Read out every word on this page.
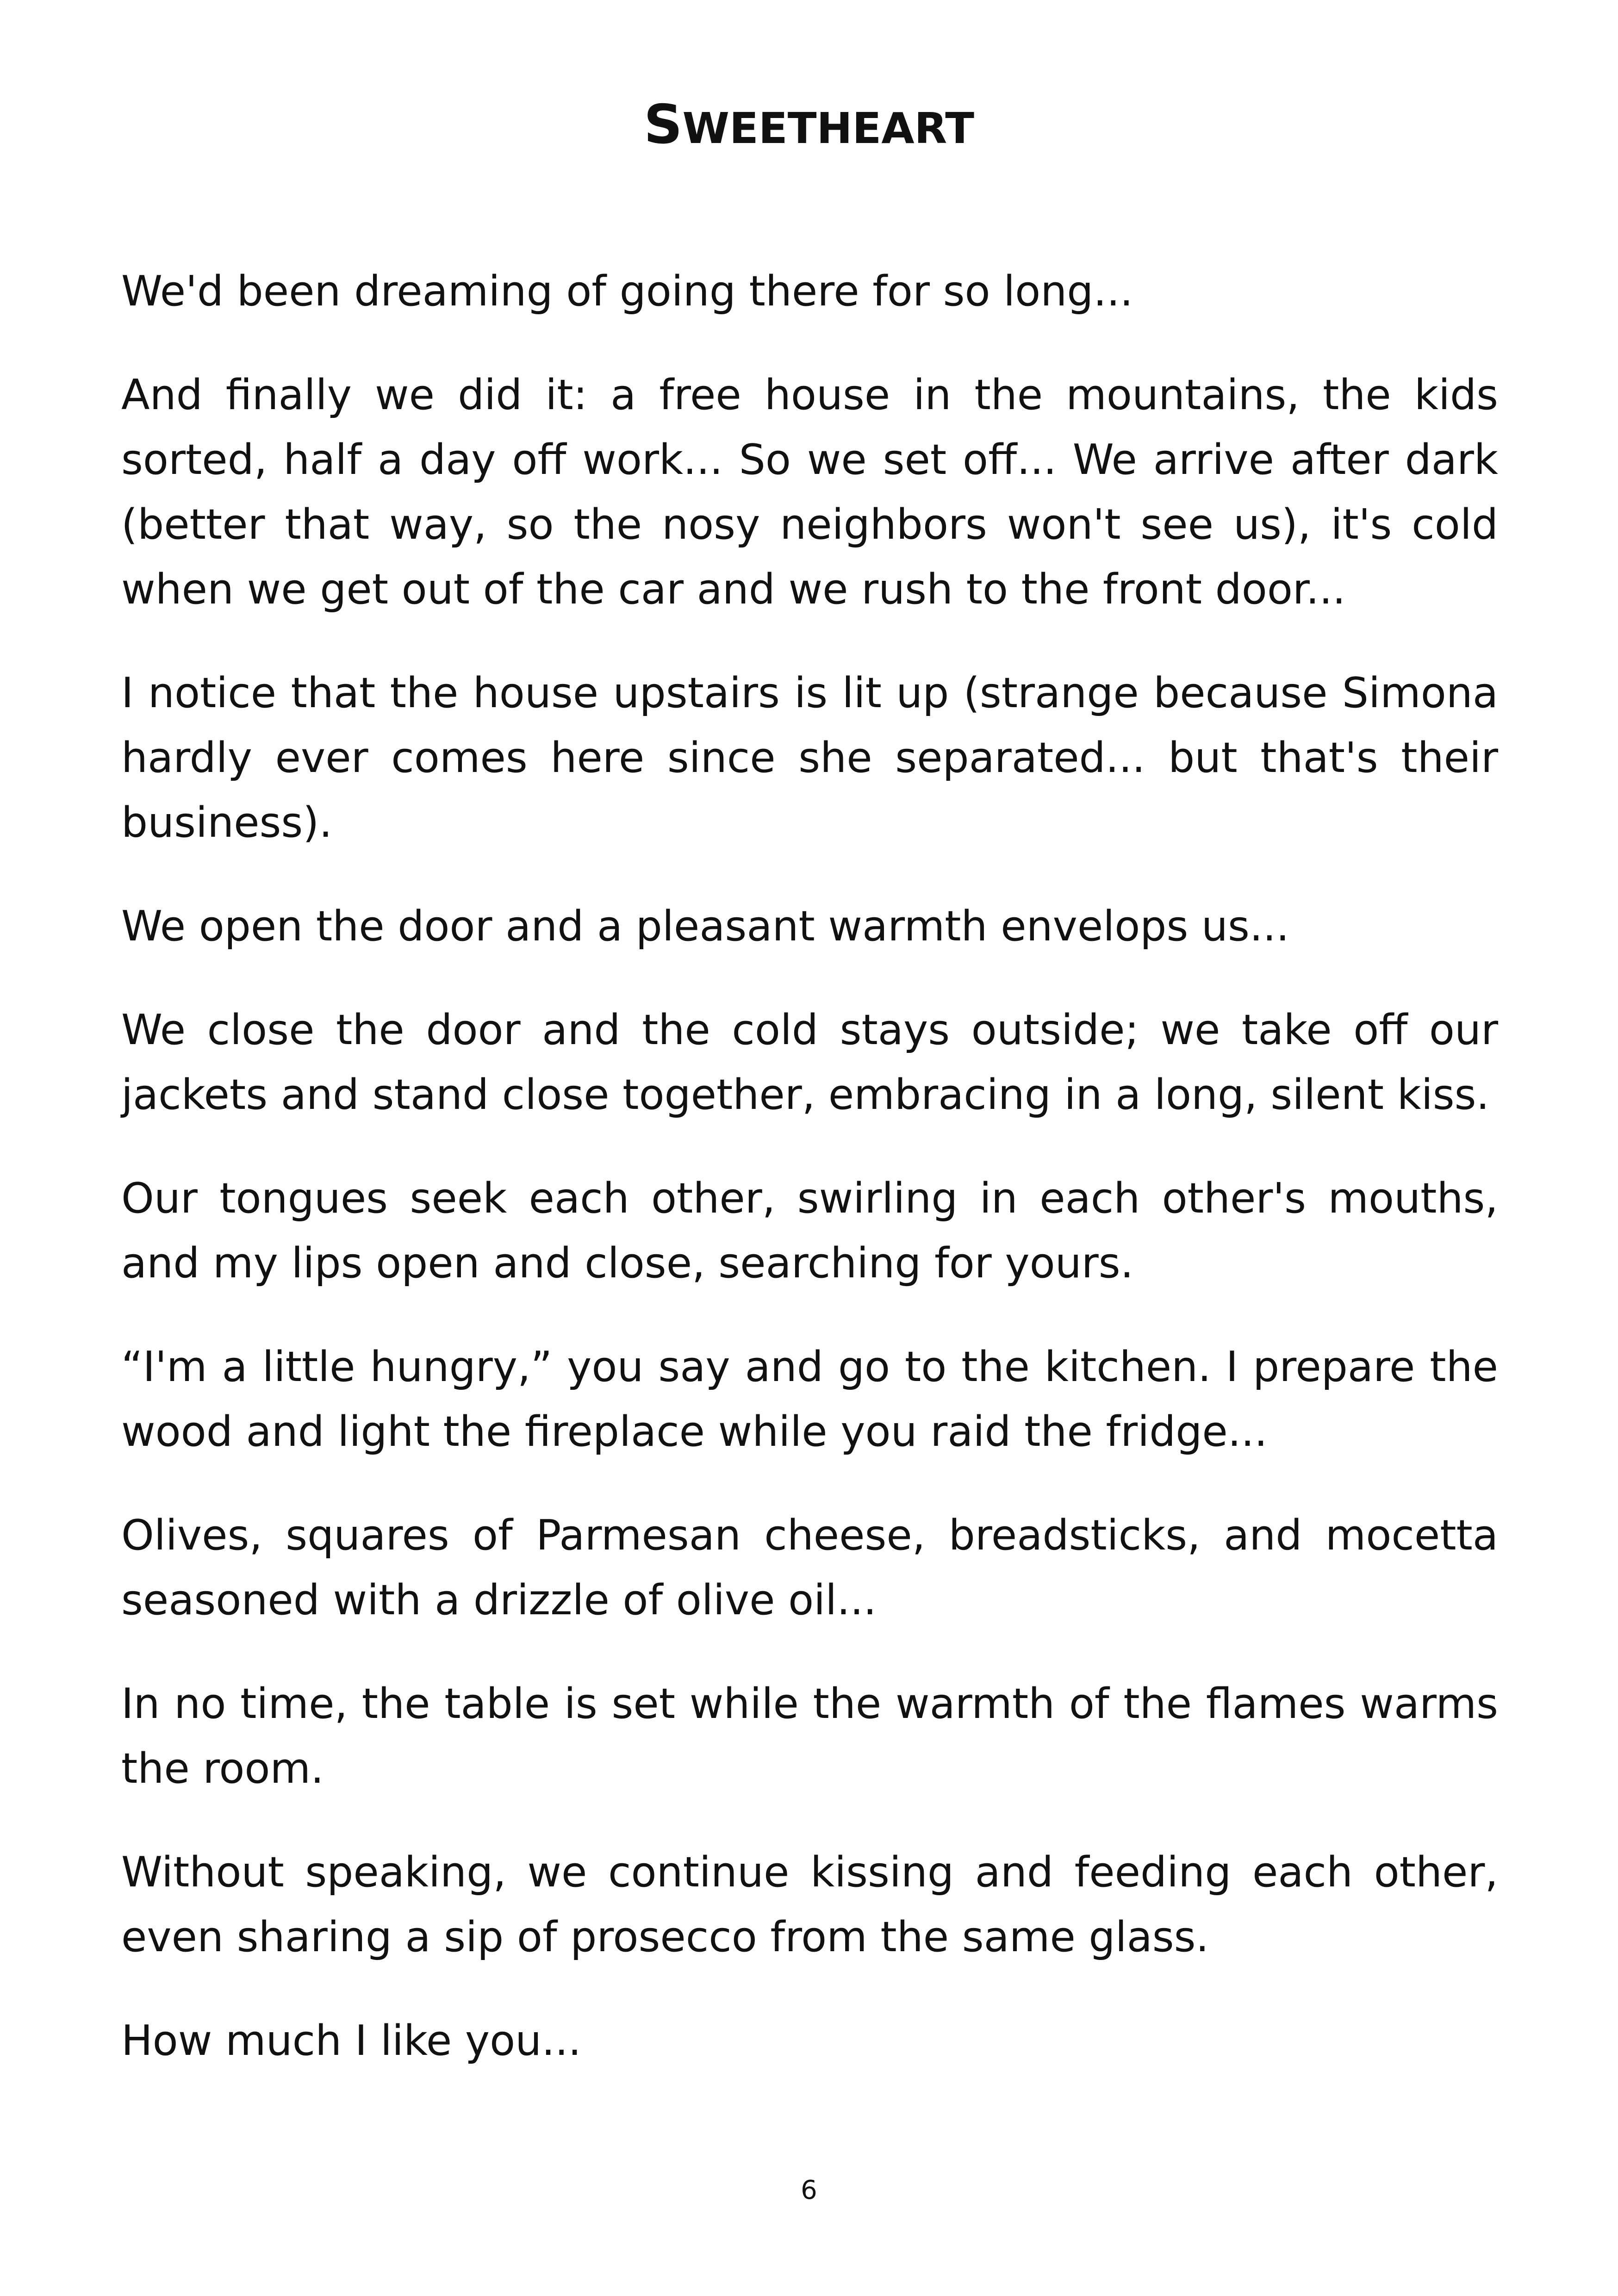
SWEETHEART

We'd been dreaming of going there for so long...

And finally we did it: a free house in the mountains, the kids sorted, half a day off work... So we set off... We arrive after dark (better that way, so the nosy neighbors won't see us), it's cold when we get out of the car and we rush to the front door...

I notice that the house upstairs is lit up (strange because Simona hardly ever comes here since she separated... but that's their business).

We open the door and a pleasant warmth envelops us...

We close the door and the cold stays outside; we take off our jackets and stand close together, embracing in a long, silent kiss.

Our tongues seek each other, swirling in each other's mouths, and my lips open and close, searching for yours.

“I'm a little hungry,” you say and go to the kitchen. I prepare the wood and light the fireplace while you raid the fridge...

Olives, squares of Parmesan cheese, breadsticks, and mocetta seasoned with a drizzle of olive oil...

In no time, the table is set while the warmth of the flames warms the room.

Without speaking, we continue kissing and feeding each other, even sharing a sip of prosecco from the same glass.

How much I like you...

6
